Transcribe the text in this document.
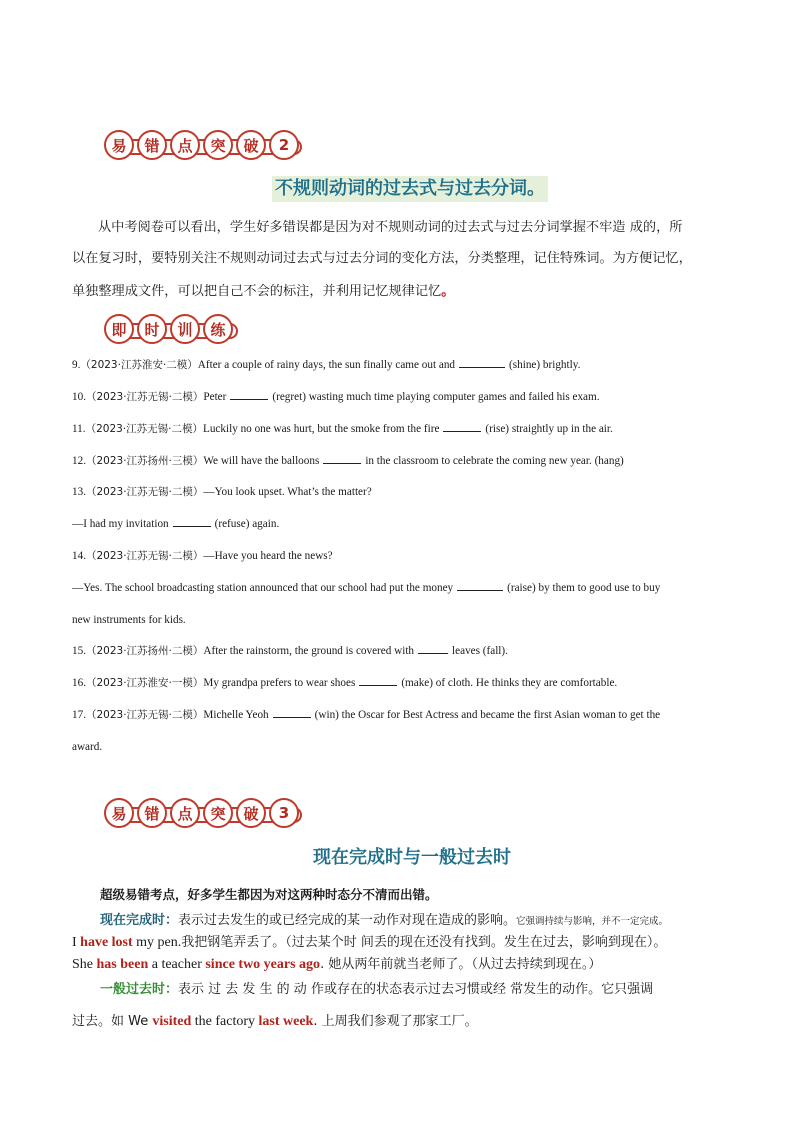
易	错	点	突	破	2
不规则动词的过去式与过去分词。
从中考阅卷可以看出，学生好多错误都是因为对不规则动词的过去式与过去分词掌握不牢造 成的，所
以在复习时，要特别关注不规则动词过去式与过去分词的变化方法，分类整理，记住特殊词。为方便记忆，
单独整理成文件，可以把自己不会的标注，并利用记忆规律记忆。
即	时	训	练
9.（2023·江苏淮安·二模）After a couple of rainy days, the sun finally came out and	(shine) brightly.
10.（2023·江苏无锡·二模）Peter	(regret) wasting much time playing computer games and failed his exam.
11.（2023·江苏无锡·二模）Luckily no one was hurt, but the smoke from the fire	(rise) straightly up in the air.
12.（2023·江苏扬州·三模）We will have the balloons	in the classroom to celebrate the coming new year. (hang)
13.（2023·江苏无锡·二模）—You look upset. What’s the matter?
—I had my invitation	(refuse) again.
14.（2023·江苏无锡·二模）—Have you heard the news?
—Yes. The school broadcasting station announced that our school had put the money	(raise) by them to good use to buy
new instruments for kids.
15.（2023·江苏扬州·二模）After the rainstorm, the ground is covered with	leaves (fall).
16.（2023·江苏淮安·一模）My grandpa prefers to wear shoes	(make) of cloth. He thinks they are comfortable.
17.（2023·江苏无锡·二模）Michelle Yeoh	(win) the Oscar for Best Actress and became the first Asian woman to get the
award.
易	错	点	突	破	3
现在完成时与一般过去时
超级易错考点，好多学生都因为对这两种时态分不清而出错。
现在完成时：表示过去发生的或已经完成的某一动作对现在造成的影响。它强调持续与影响，并不一定完成。
I have lost my pen.我把钢笔弄丢了。（过去某个时 间丢的现在还没有找到。发生在过去，影响到现在）。
She has been a teacher since two years ago. 她从两年前就当老师了。（从过去持续到现在。）
一般过去时：表示 过 去 发 生 的 动 作或存在的状态表示过去习惯或经 常发生的动作。它只强调
过去。如 We visited the factory last week. 上周我们参观了那家工厂。
